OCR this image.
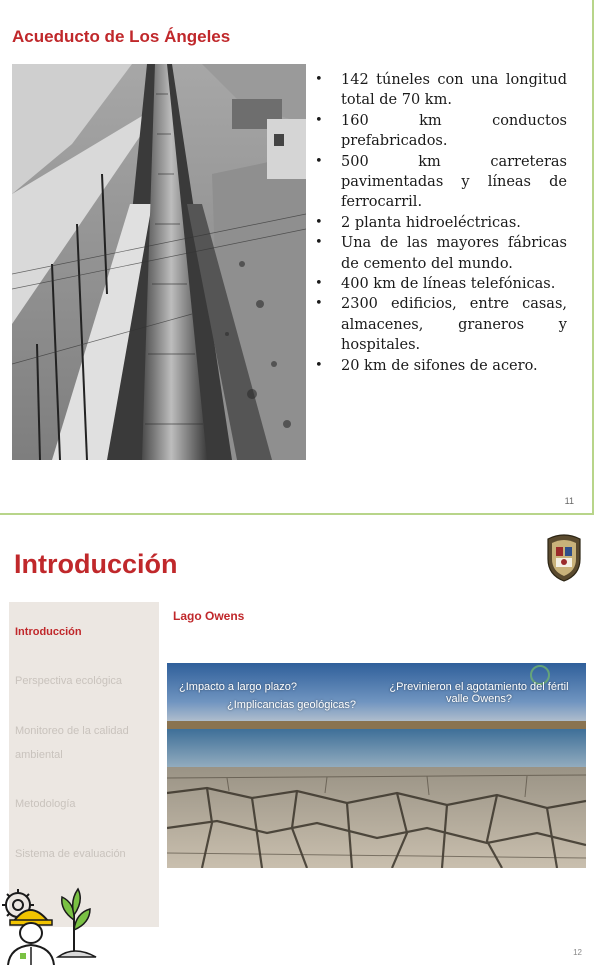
Acueducto de Los Ángeles
• 142 túneles con una longitud total de 70 km.
• 160 km conductos prefabricados.
• 500 km carreteras pavimentadas y líneas de ferrocarril.
• 2 planta hidroeléctricas.
• Una de las mayores fábricas de cemento del mundo.
• 400 km de líneas telefónicas.
• 2300 edificios, entre casas, almacenes, graneros y hospitales.
• 20 km de sifones de acero.
11
Introducción
Introducción
Perspectiva ecológica
Monitoreo de la calidad ambiental
Metodología
Sistema de evaluación
Lago Owens
¿Impacto a largo plazo?
¿Implicancias geológicas?
¿Previnieron el agotamiento del fértil valle Owens?
12
